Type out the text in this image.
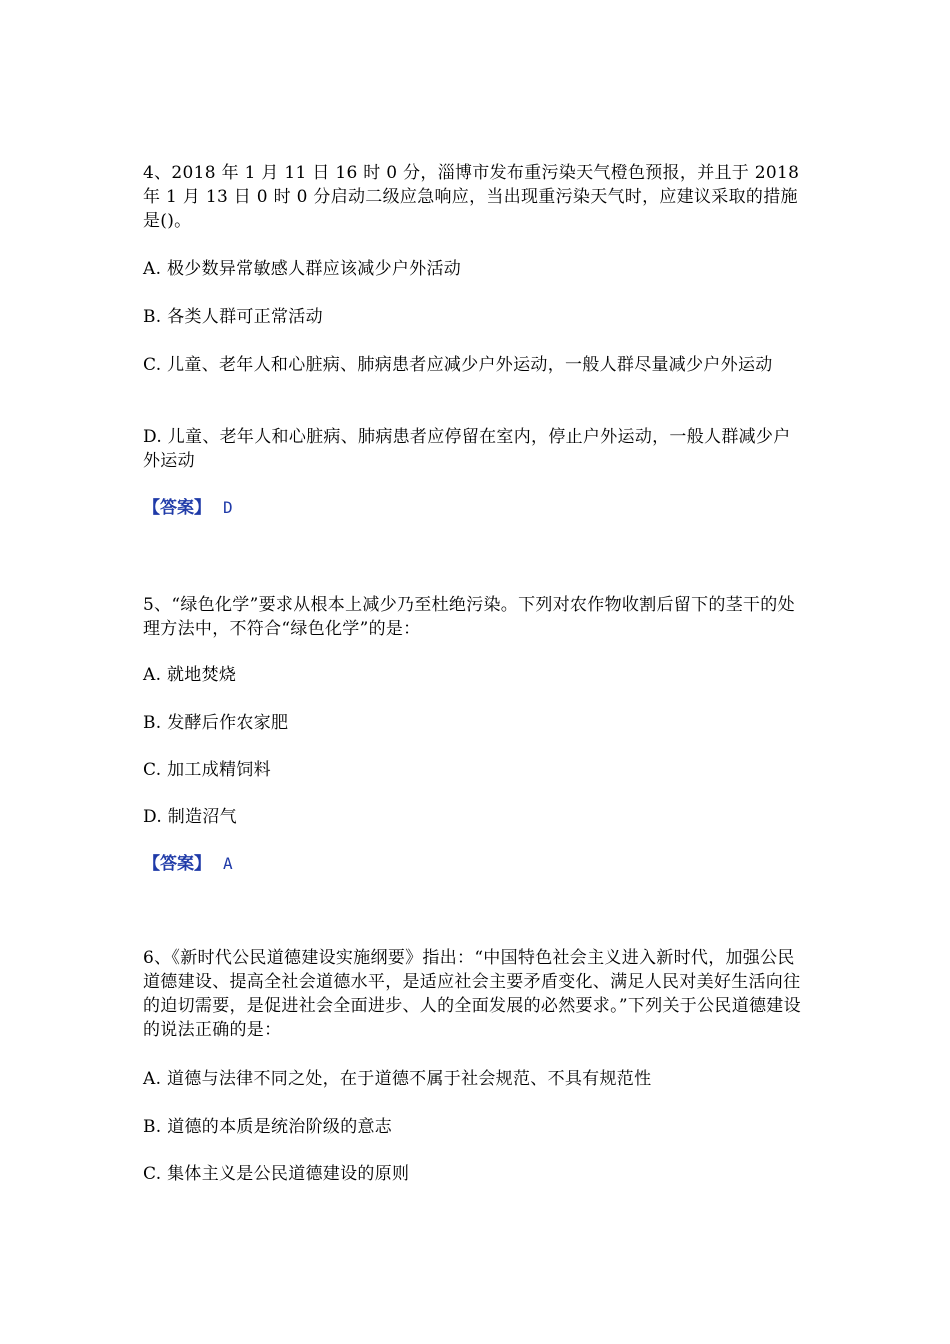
4、2018 年 1 月 11 日 16 时 0 分，淄博市发布重污染天气橙色预报，并且于 2018 年 1 月 13 日 0 时 0 分启动二级应急响应，当出现重污染天气时，应建议采取的措施是()。

A. 极少数异常敏感人群应该减少户外活动

B. 各类人群可正常活动

C. 儿童、老年人和心脏病、肺病患者应减少户外运动，一般人群尽量减少户外运动

D. 儿童、老年人和心脏病、肺病患者应停留在室内，停止户外运动，一般人群减少户外运动

【答案】 D

5、“绿色化学”要求从根本上减少乃至杜绝污染。下列对农作物收割后留下的茎干的处理方法中，不符合“绿色化学”的是：

A. 就地焚烧

B. 发酵后作农家肥

C. 加工成精饲料

D. 制造沼气

【答案】 A

6、《新时代公民道德建设实施纲要》指出：“中国特色社会主义进入新时代，加强公民道德建设、提高全社会道德水平，是适应社会主要矛盾变化、满足人民对美好生活向往的迫切需要，是促进社会全面进步、人的全面发展的必然要求。”下列关于公民道德建设的说法正确的是：

A. 道德与法律不同之处，在于道德不属于社会规范、不具有规范性

B. 道德的本质是统治阶级的意志

C. 集体主义是公民道德建设的原则
